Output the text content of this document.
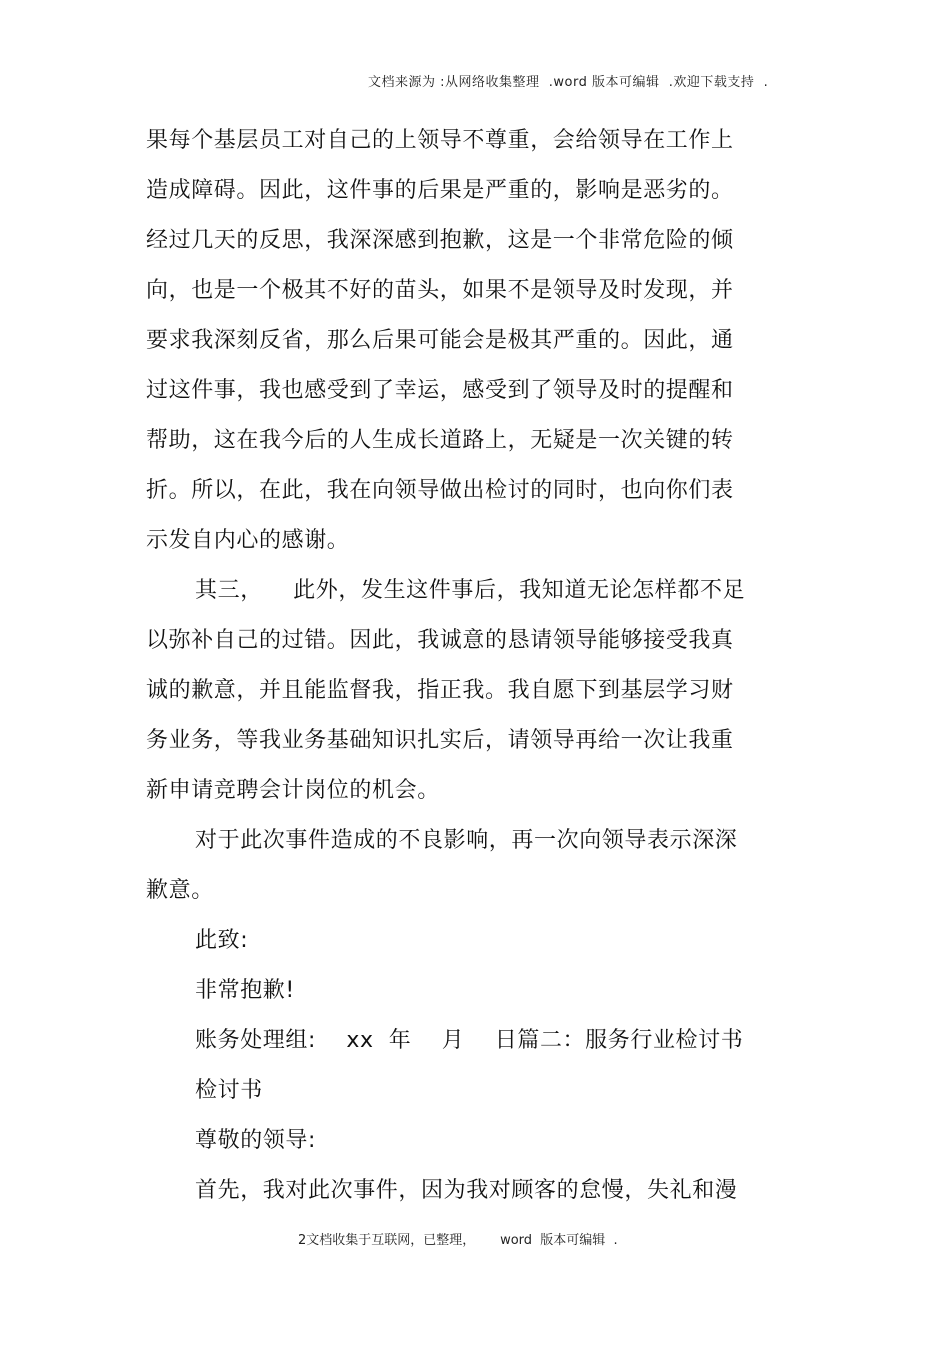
文档来源为 :从网络收集整理  .word 版本可编辑  .欢迎下载支持  .
果每个基层员工对自己的上领导不尊重，会给领导在工作上
造成障碍。因此，这件事的后果是严重的，影响是恶劣的。
经过几天的反思，我深深感到抱歉，这是一个非常危险的倾
向，也是一个极其不好的苗头，如果不是领导及时发现，并
要求我深刻反省，那么后果可能会是极其严重的。因此，通
过这件事，我也感受到了幸运，感受到了领导及时的提醒和
帮助，这在我今后的人生成长道路上，无疑是一次关键的转
折。所以，在此，我在向领导做出检讨的同时，也向你们表
示发自内心的感谢。
其三，    此外，发生这件事后，我知道无论怎样都不足
以弥补自己的过错。因此，我诚意的恳请领导能够接受我真
诚的歉意，并且能监督我，指正我。我自愿下到基层学习财
务业务，等我业务基础知识扎实后，请领导再给一次让我重
新申请竞聘会计岗位的机会。
对于此次事件造成的不良影响，再一次向领导表示深深
歉意。
此致:
非常抱歉!
账务处理组:    xx  年    月    日篇二：服务行业检讨书
检讨书
尊敬的领导:
首先，我对此次事件，因为我对顾客的怠慢，失礼和漫
2文档收集于互联网，已整理，      word  版本可编辑  .
